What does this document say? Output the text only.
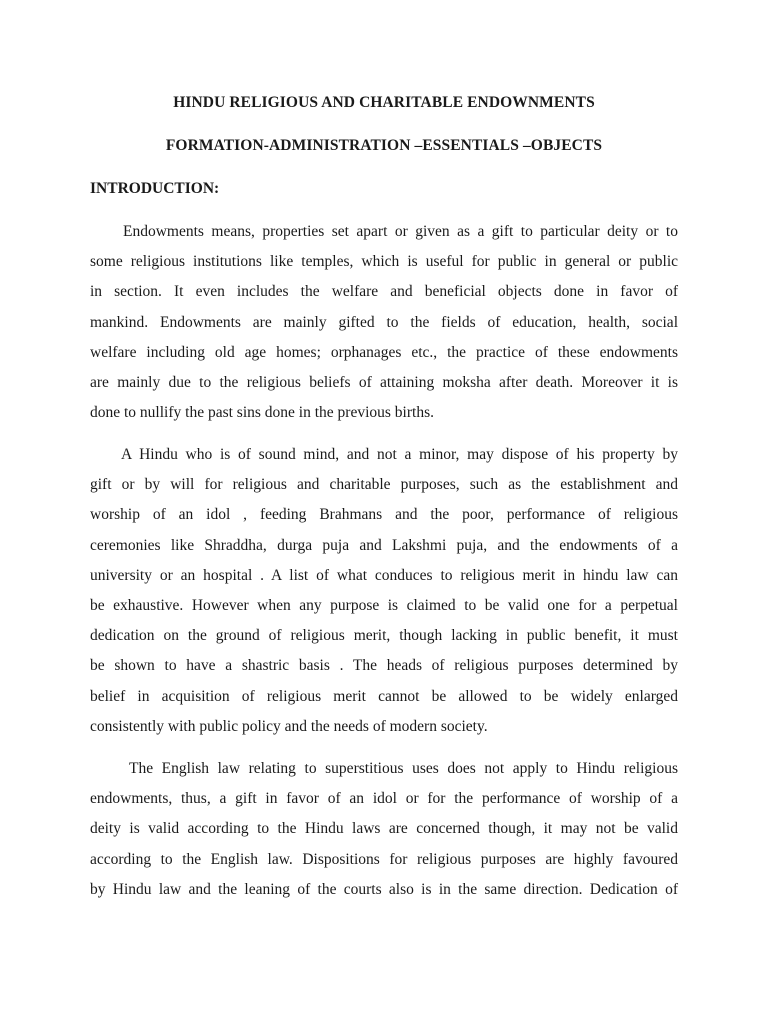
HINDU RELIGIOUS AND CHARITABLE ENDOWNMENTS
FORMATION-ADMINISTRATION –ESSENTIALS –OBJECTS
INTRODUCTION:

Endowments means, properties set apart or given as a gift to particular deity or to
some religious institutions like temples, which is useful for public in general or public
in section. It even includes the welfare and beneficial objects done in favor of
mankind. Endowments are mainly gifted to the fields of education, health, social
welfare including old age homes; orphanages etc., the practice of these endowments
are mainly due to the religious beliefs of attaining moksha after death. Moreover it is
done to nullify the past sins done in the previous births.

A Hindu who is of sound mind, and not a minor, may dispose of his property by
gift or by will for religious and charitable purposes, such as the establishment and
worship of an idol , feeding Brahmans and the poor, performance of religious
ceremonies like Shraddha, durga puja and Lakshmi puja, and the endowments of a
university or an hospital . A list of what conduces to religious merit in hindu law can
be exhaustive. However when any purpose is claimed to be valid one for a perpetual
dedication on the ground of religious merit, though lacking in public benefit, it must
be shown to have a shastric basis . The heads of religious purposes determined by
belief in acquisition of religious merit cannot be allowed to be widely enlarged
consistently with public policy and the needs of modern society.

The English law relating to superstitious uses does not apply to Hindu religious
endowments, thus, a gift in favor of an idol or for the performance of worship of a
deity is valid according to the Hindu laws are concerned though, it may not be valid
according to the English law. Dispositions for religious purposes are highly favoured
by Hindu law and the leaning of the courts also is in the same direction. Dedication of
